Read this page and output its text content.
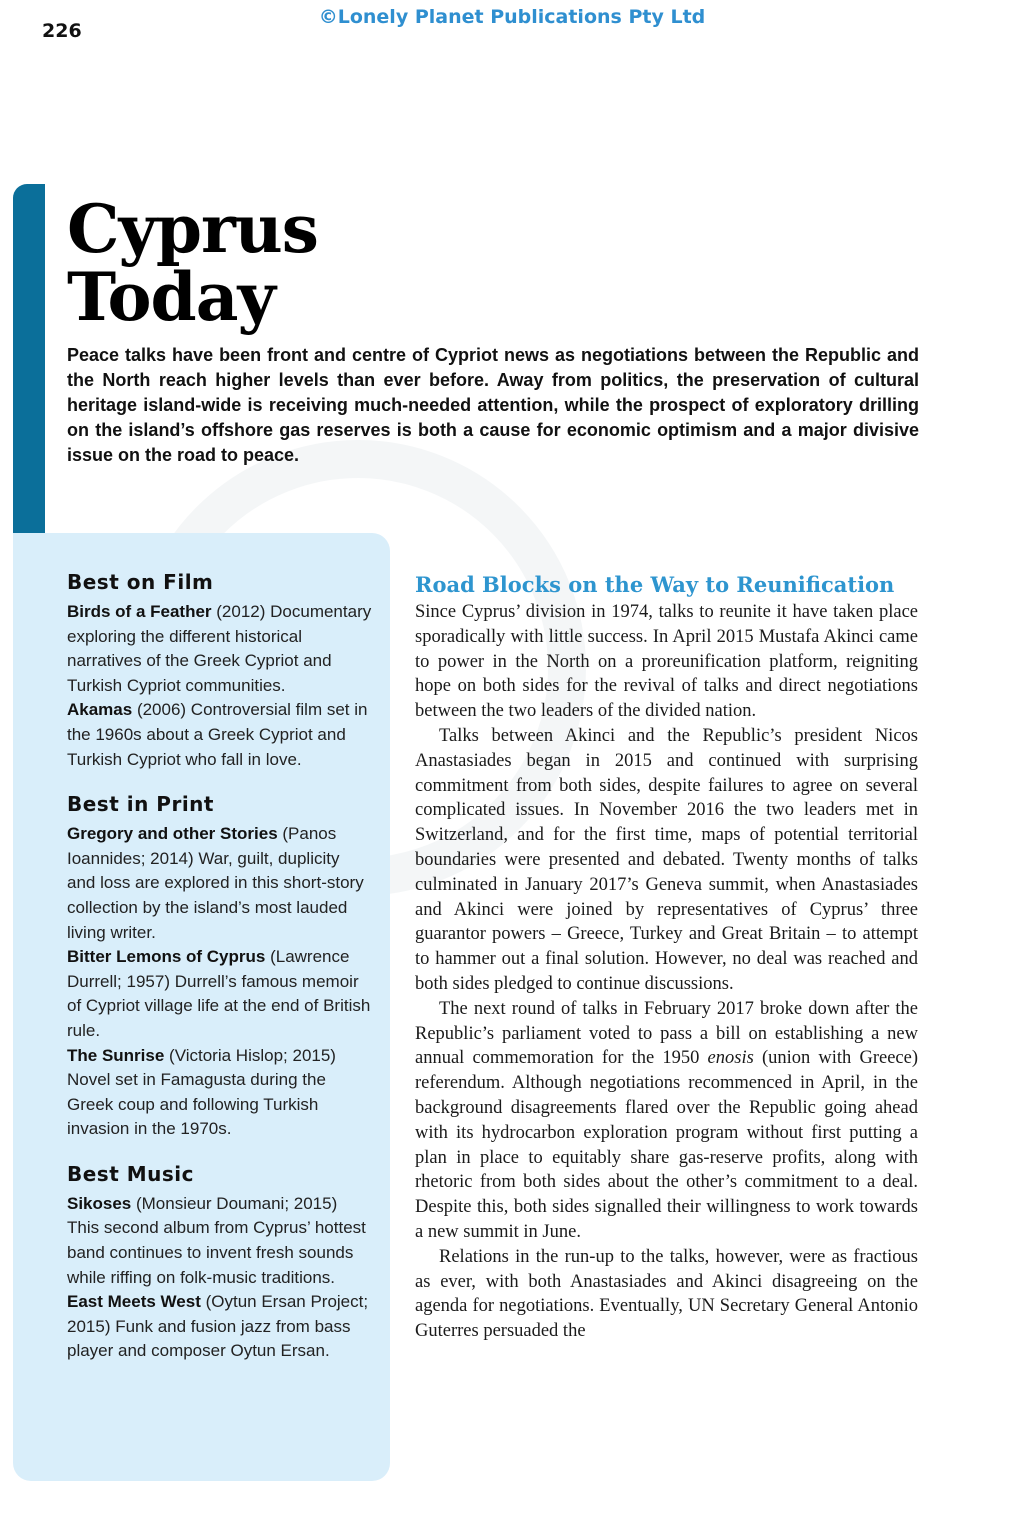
226
©Lonely Planet Publications Pty Ltd
Cyprus
Today

Peace talks have been front and centre of Cypriot news as negotiations between the Republic and the North reach higher levels than ever before. Away from politics, the preservation of cultural heritage island-wide is receiving much-needed attention, while the prospect of exploratory drilling on the island’s offshore gas reserves is both a cause for economic optimism and a major divisive issue on the road to peace.

Best on Film

Birds of a Feather (2012) Documentary exploring the different historical narratives of the Greek Cypriot and Turkish Cypriot communities.

Akamas (2006) Controversial film set in the 1960s about a Greek Cypriot and Turkish Cypriot who fall in love.

Best in Print

Gregory and other Stories (Panos Ioannides; 2014) War, guilt, duplicity and loss are explored in this short-story collection by the island’s most lauded living writer.

Bitter Lemons of Cyprus (Lawrence Durrell; 1957) Durrell’s famous memoir of Cypriot village life at the end of British rule.

The Sunrise (Victoria Hislop; 2015) Novel set in Famagusta during the Greek coup and following Turkish invasion in the 1970s.

Best Music

Sikoses (Monsieur Doumani; 2015) This second album from Cyprus’ hottest band continues to invent fresh sounds while riffing on folk-music traditions.

East Meets West (Oytun Ersan Project; 2015) Funk and fusion jazz from bass player and composer Oytun Ersan.

Road Blocks on the Way to Reunification

Since Cyprus’ division in 1974, talks to reunite it have taken place sporadically with little success. In April 2015 Mustafa Akinci came to power in the North on a proreunification platform, reigniting hope on both sides for the revival of talks and direct negotiations between the two leaders of the divided nation.

Talks between Akinci and the Republic’s president Nicos Anastasiades began in 2015 and continued with surprising commitment from both sides, despite failures to agree on several complicated issues. In November 2016 the two leaders met in Switzerland, and for the first time, maps of potential territorial boundaries were presented and debated. Twenty months of talks culminated in January 2017’s Geneva summit, when Anastasiades and Akinci were joined by representatives of Cyprus’ three guarantor powers – Greece, Turkey and Great Britain – to attempt to hammer out a final solution. However, no deal was reached and both sides pledged to continue discussions.

The next round of talks in February 2017 broke down after the Republic’s parliament voted to pass a bill on establishing a new annual commemoration for the 1950 enosis (union with Greece) referendum. Although negotiations recommenced in April, in the background disagreements flared over the Republic going ahead with its hydrocarbon exploration program without first putting a plan in place to equitably share gas-reserve profits, along with rhetoric from both sides about the other’s commitment to a deal. Despite this, both sides signalled their willingness to work towards a new summit in June.

Relations in the run-up to the talks, however, were as fractious as ever, with both Anastasiades and Akinci disagreeing on the agenda for negotiations. Eventually, UN Secretary General Antonio Guterres persuaded the
